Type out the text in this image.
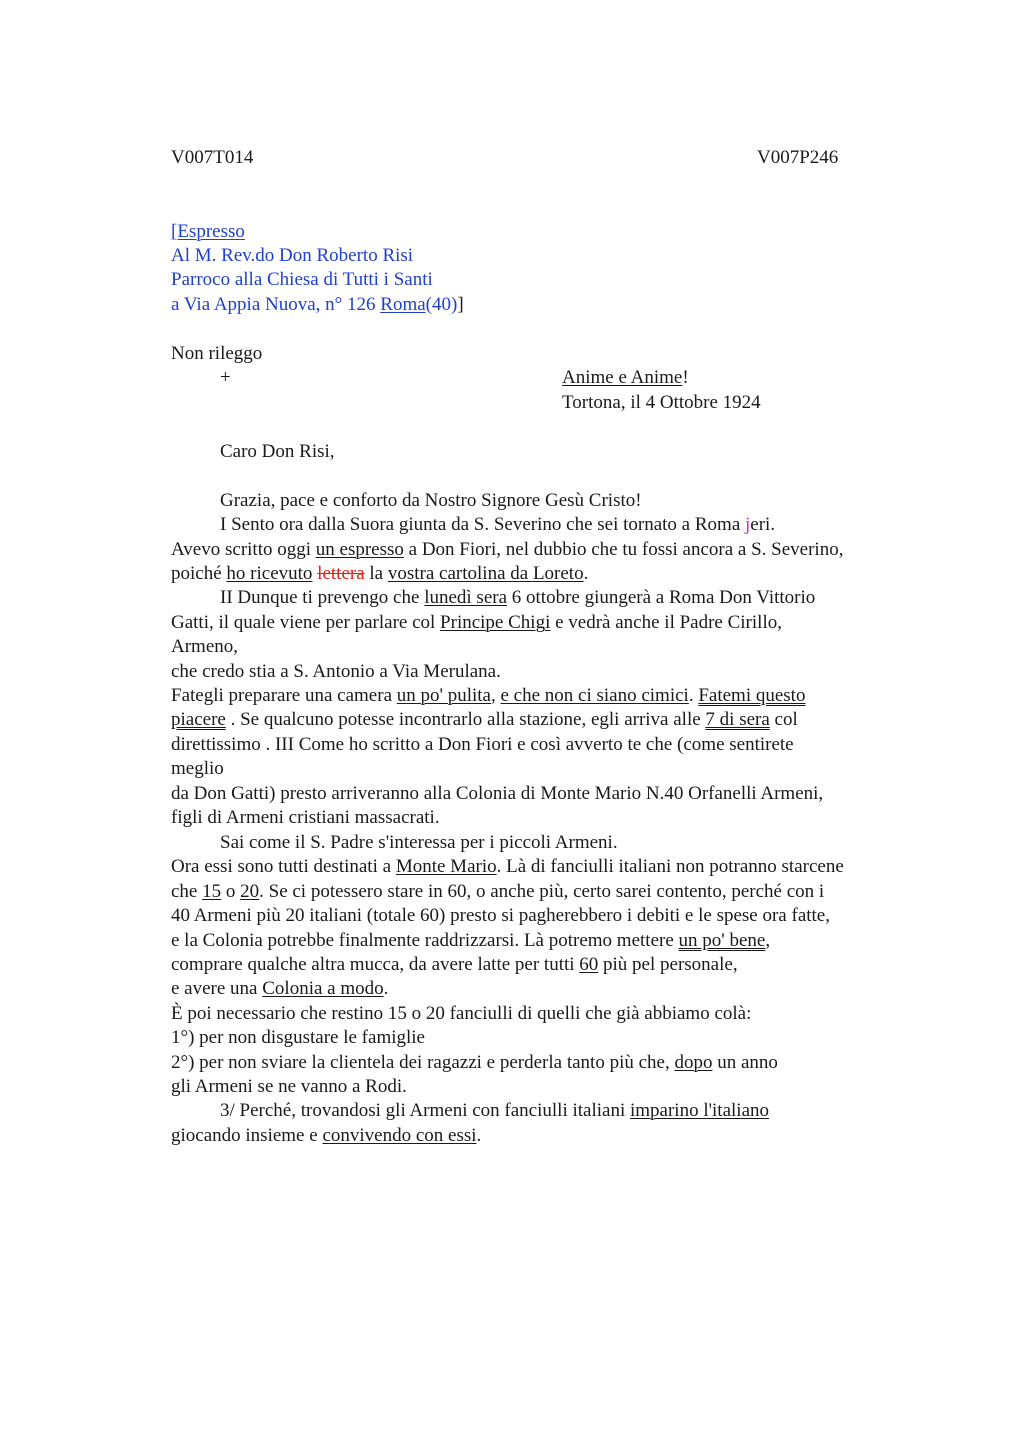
V007T014	V007P246
[Espresso
Al M. Rev.do Don Roberto Risi
Parroco alla Chiesa di Tutti i Santi
a Via Appia Nuova, n° 126 Roma(40)]
Non rileggo
+	Anime e Anime!
Tortona, il 4 Ottobre 1924
Caro Don Risi,
Grazia, pace e conforto da Nostro Signore Gesù Cristo!
I Sento ora dalla Suora giunta da S. Severino che sei tornato a Roma jeri.
Avevo scritto oggi un espresso a Don Fiori, nel dubbio che tu fossi ancora a S. Severino,
poiché ho ricevuto lettera la vostra cartolina da Loreto.
II Dunque ti prevengo che lunedì sera 6 ottobre giungerà a Roma Don Vittorio
Gatti, il quale viene per parlare col Principe Chigi e vedrà anche il Padre Cirillo,
Armeno,
che credo stia a S. Antonio a Via Merulana.
Fategli preparare una camera un po' pulita, e che non ci siano cimici. Fatemi questo
piacere . Se qualcuno potesse incontrarlo alla stazione, egli arriva alle 7 di sera col
direttissimo . III Come ho scritto a Don Fiori e così avverto te che (come sentirete
meglio
da Don Gatti) presto arriveranno alla Colonia di Monte Mario N.40 Orfanelli Armeni,
figli di Armeni cristiani massacrati.
Sai come il S. Padre s'interessa per i piccoli Armeni.
Ora essi sono tutti destinati a Monte Mario. Là di fanciulli italiani non potranno starcene
che 15 o 20. Se ci potessero stare in 60, o anche più, certo sarei contento, perché con i
40 Armeni più 20 italiani (totale 60) presto si pagherebbero i debiti e le spese ora fatte,
e la Colonia potrebbe finalmente raddrizzarsi. Là potremo mettere un po' bene,
comprare qualche altra mucca, da avere latte per tutti 60 più pel personale,
e avere una Colonia a modo.
È poi necessario che restino 15 o 20 fanciulli di quelli che già abbiamo colà:
1°) per non disgustare le famiglie
2°) per non sviare la clientela dei ragazzi e perderla tanto più che, dopo un anno
gli Armeni se ne vanno a Rodi.
3/ Perché, trovandosi gli Armeni con fanciulli italiani imparino l'italiano
giocando insieme e convivendo con essi.
